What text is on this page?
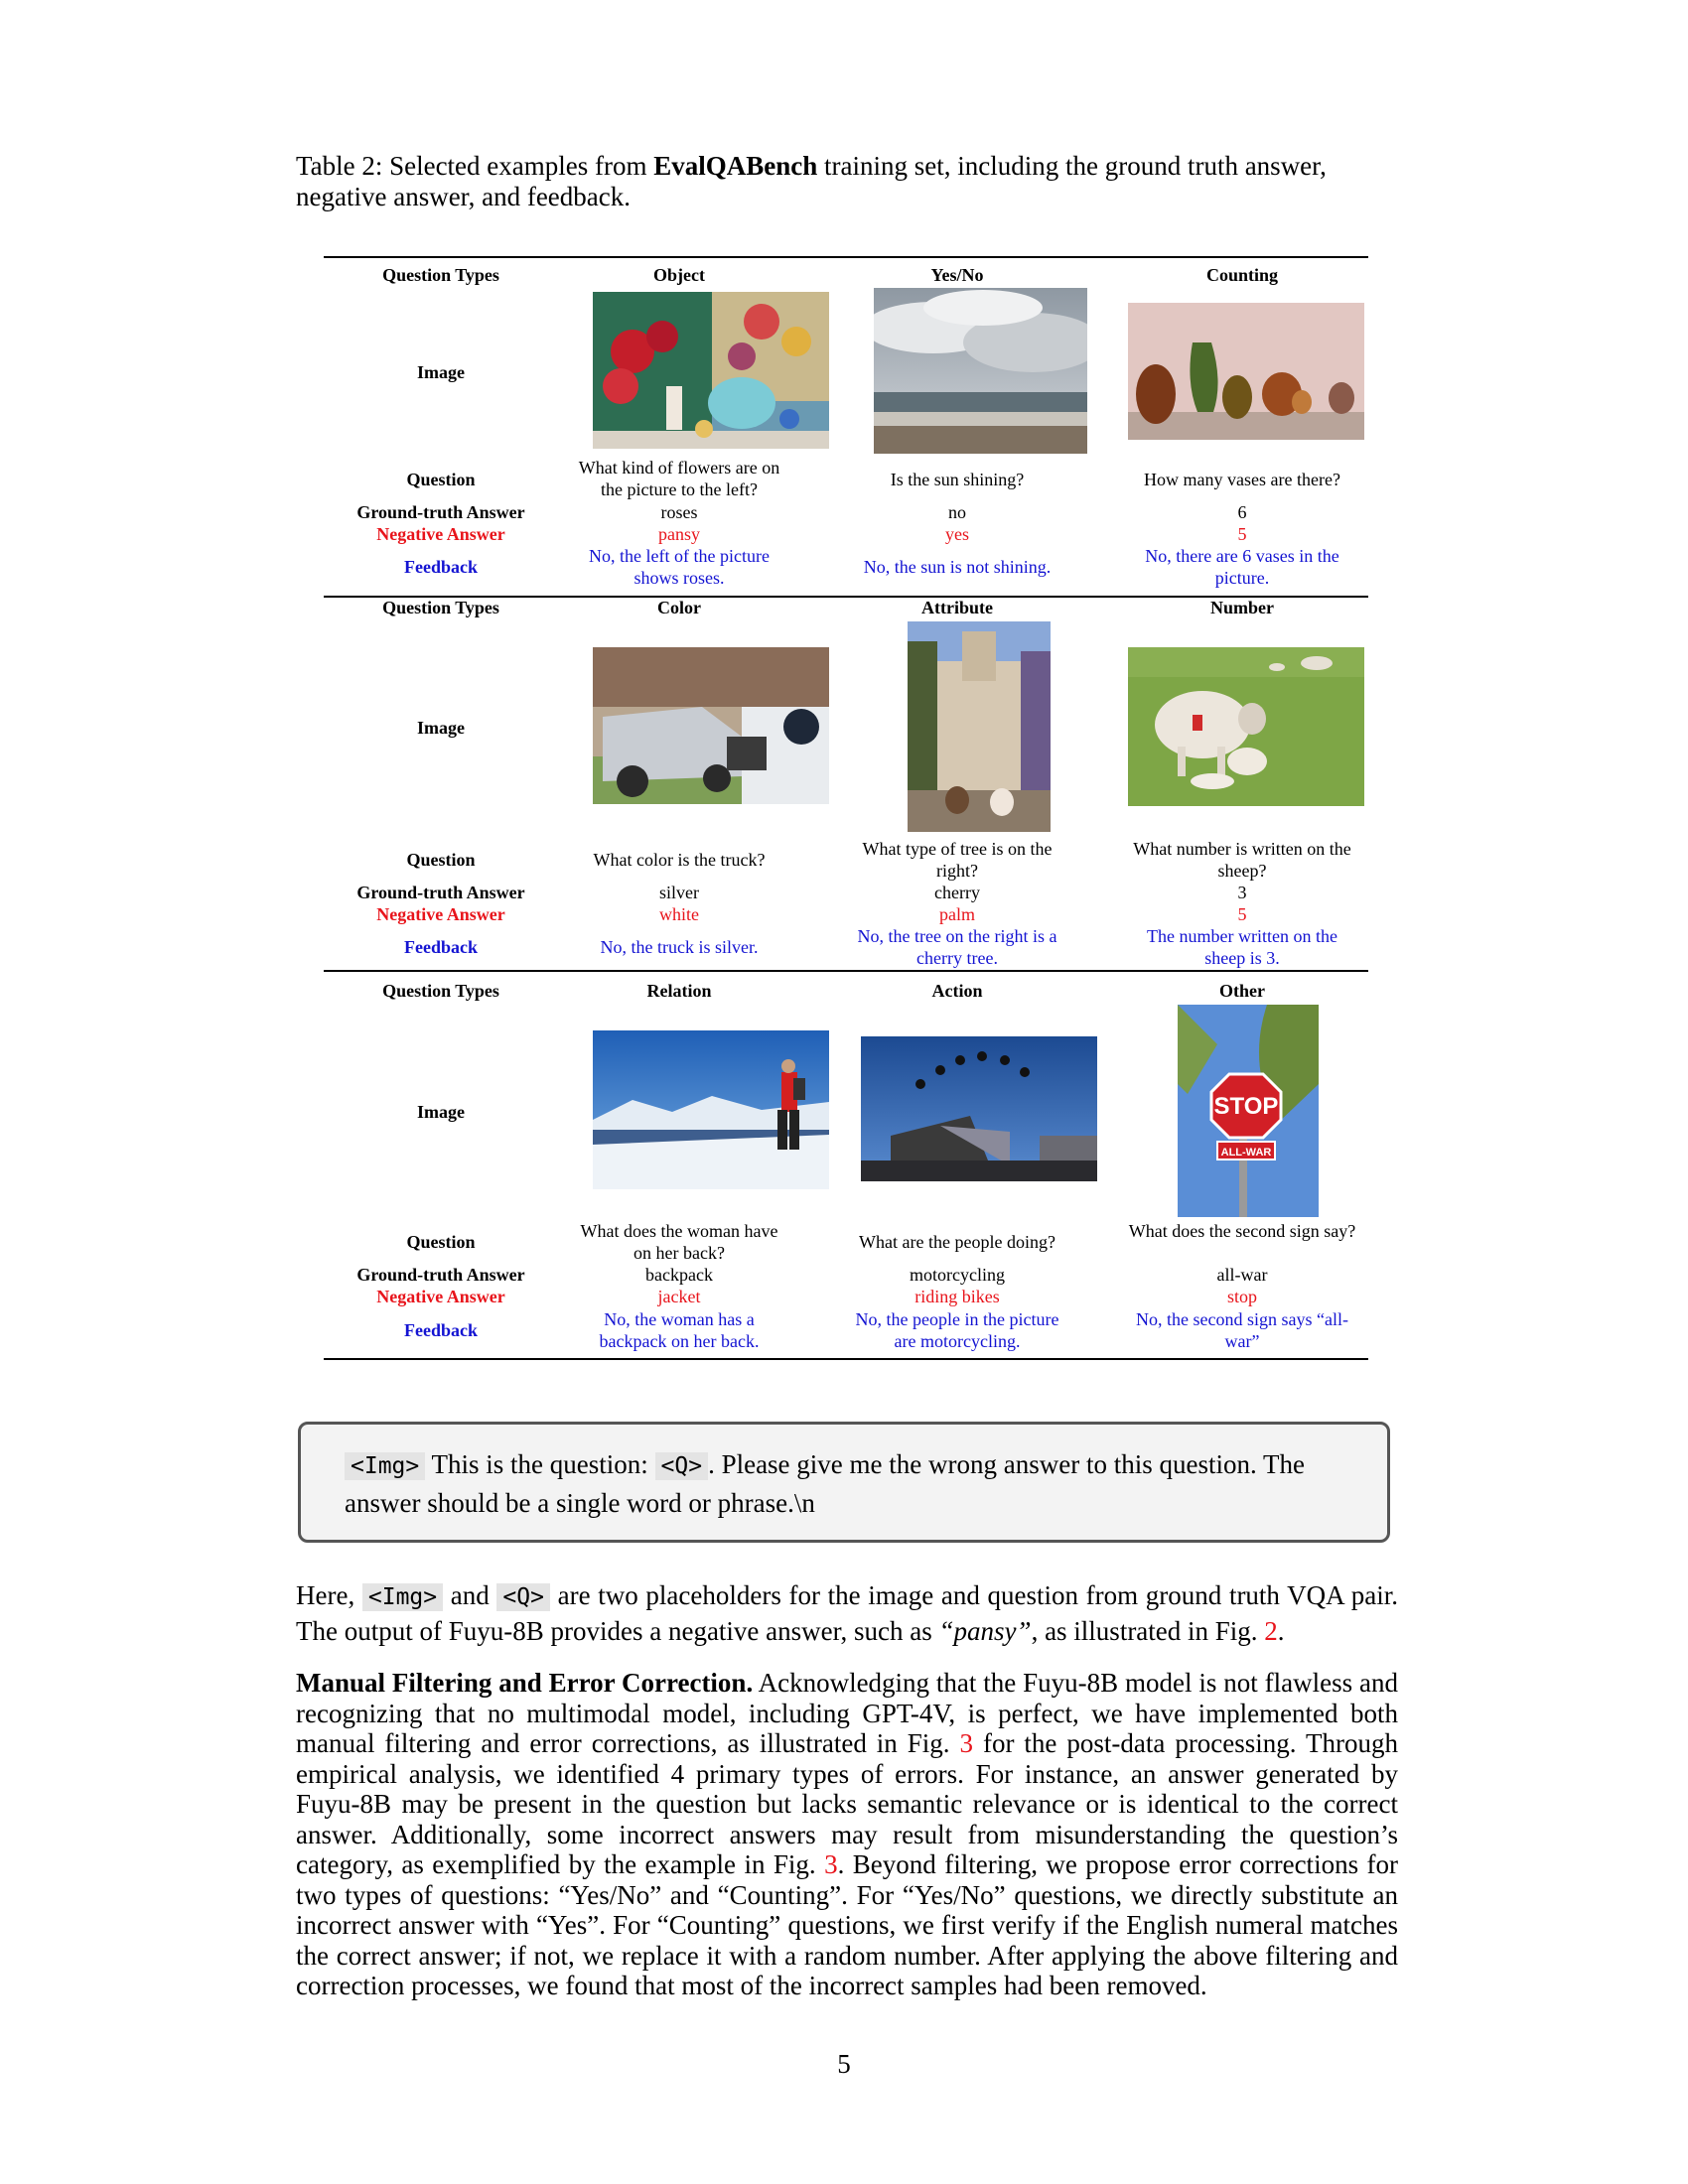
Table 2: Selected examples from EvalQABench training set, including the ground truth answer, negative answer, and feedback.
Question Types
Image
Question
Ground-truth Answer
Negative Answer
Feedback
Object
What kind of flowers are on the picture to the left?
roses
pansy
No, the left of the picture shows roses.
Yes/No
Is the sun shining?
no
yes
No, the sun is not shining.
Counting
How many vases are there?
6
5
No, there are 6 vases in the picture.
Question Types
Image
Question
Ground-truth Answer
Negative Answer
Feedback
Color
What color is the truck?
silver
white
No, the truck is silver.
Attribute
What type of tree is on the right?
cherry
palm
No, the tree on the right is a cherry tree.
Number
What number is written on the sheep?
3
5
The number written on the sheep is 3.
Question Types
Image
Question
Ground-truth Answer
Negative Answer
Feedback
Relation
What does the woman have on her back?
backpack
jacket
No, the woman has a backpack on her back.
Action
What are the people doing?
motorcycling
riding bikes
No, the people in the picture are motorcycling.
Other
STOP
ALL-WAR
What does the second sign say?
all-war
stop
No, the second sign says “all-war”
<Img> This is the question: <Q> . Please give me the wrong answer to this question. The answer should be a single word or phrase.\n
Here, <Img> and <Q> are two placeholders for the image and question from ground truth VQA pair. The output of Fuyu-8B provides a negative answer, such as “pansy”, as illustrated in Fig. 2.
Manual Filtering and Error Correction. Acknowledging that the Fuyu-8B model is not flawless and recognizing that no multimodal model, including GPT-4V, is perfect, we have implemented both manual filtering and error corrections, as illustrated in Fig. 3 for the post-data processing. Through empirical analysis, we identified 4 primary types of errors. For instance, an answer generated by Fuyu-8B may be present in the question but lacks semantic relevance or is identical to the correct answer. Additionally, some incorrect answers may result from misunderstanding the question’s category, as exemplified by the example in Fig. 3. Beyond filtering, we propose error corrections for two types of questions: “Yes/No” and “Counting”. For “Yes/No” questions, we directly substitute an incorrect answer with “Yes”. For “Counting” questions, we first verify if the English numeral matches the correct answer; if not, we replace it with a random number. After applying the above filtering and correction processes, we found that most of the incorrect samples had been removed.
5
